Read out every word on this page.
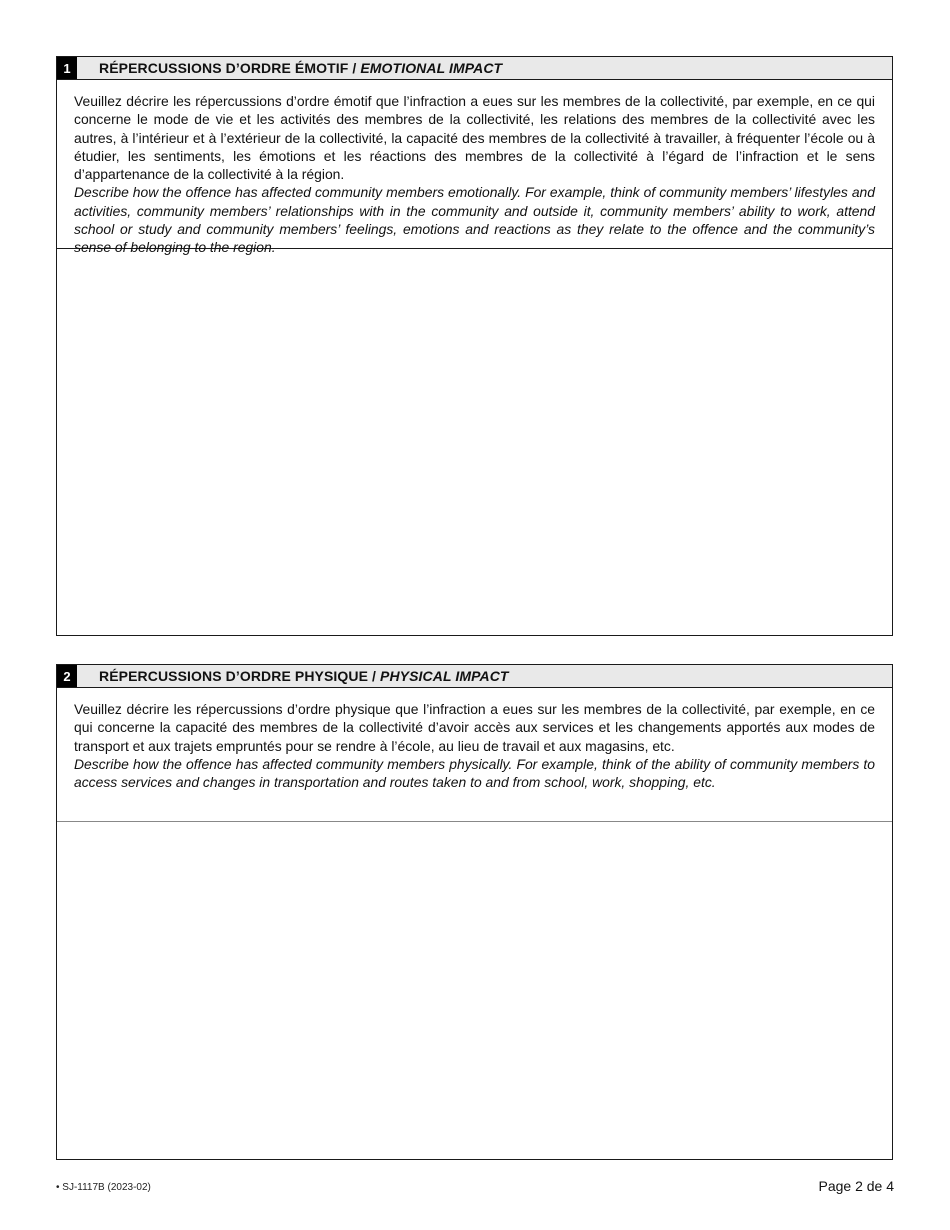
1	RÉPERCUSSIONS D’ORDRE ÉMOTIF / EMOTIONAL IMPACT

Veuillez décrire les répercussions d’ordre émotif que l’infraction a eues sur les membres de la collectivité, par exemple, en ce qui concerne le mode de vie et les activités des membres de la collectivité, les relations des membres de la collectivité avec les autres, à l’intérieur et à l’extérieur de la collectivité, la capacité des membres de la collectivité à travailler, à fréquenter l’école ou à étudier, les sentiments, les émotions et les réactions des membres de la collectivité à l’égard de l’infraction et le sens d’appartenance de la collectivité à la région.

Describe how the offence has affected community members emotionally. For example, think of community members’ lifestyles and activities, community members’ relationships with in the community and outside it, community members’ ability to work, attend school or study and community members’ feelings, emotions and reactions as they relate to the offence and the community’s sense of belonging to the region.

2	RÉPERCUSSIONS D’ORDRE PHYSIQUE / PHYSICAL IMPACT

Veuillez décrire les répercussions d’ordre physique que l’infraction a eues sur les membres de la collectivité, par exemple, en ce qui concerne la capacité des membres de la collectivité d’avoir accès aux services et les changements apportés aux modes de transport et aux trajets empruntés pour se rendre à l’école, au lieu de travail et aux magasins, etc.

Describe how the offence has affected community members physically. For example, think of the ability of community members to access services and changes in transportation and routes taken to and from school, work, shopping, etc.

• SJ-1117B (2023-02)	Page 2 de 4
